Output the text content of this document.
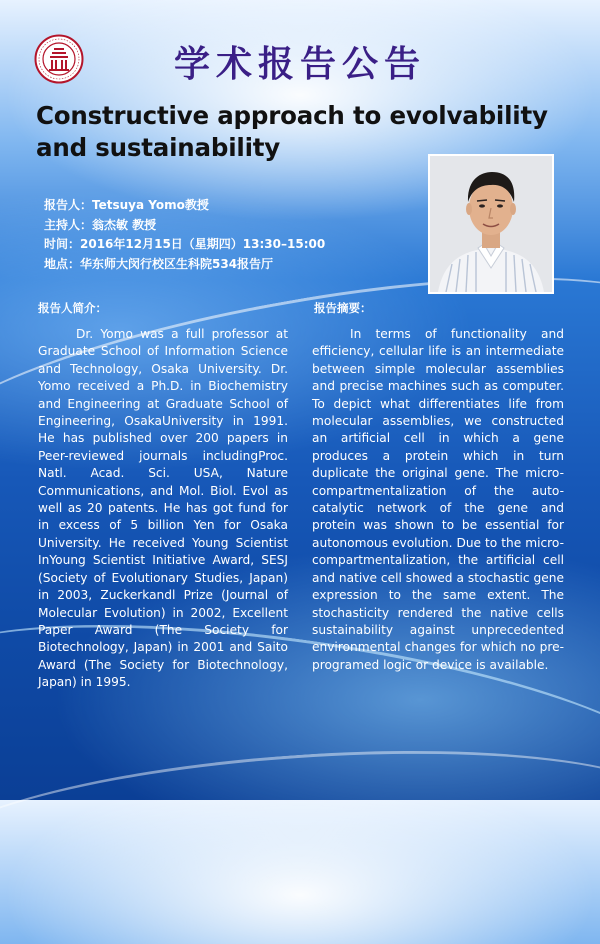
学术报告公告
Constructive approach to evolvability and sustainability
报告人：Tetsuya Yomo教授
主持人：翁杰敏 教授
时间：2016年12月15日（星期四）13:30–15:00
地点：华东师大闵行校区生科院534报告厅
报告人简介：	报告摘要：

Dr. Yomo was a full professor at Graduate School of Information Science and Technology, Osaka University. Dr. Yomo received a Ph.D. in Biochemistry and Engineering at Graduate School of Engineering, OsakaUniversity in 1991. He has published over 200 papers in Peer-reviewed journals includingProc. Natl. Acad. Sci. USA, Nature Communications, and Mol. Biol. Evol as well as 20 patents. He has got fund for in excess of 5 billion Yen for Osaka University. He received Young Scientist InYoung Scientist Initiative Award, SESJ (Society of Evolutionary Studies, Japan) in 2003, Zuckerkandl Prize (Journal of Molecular Evolution) in 2002, Excellent Paper Award (The Society for Biotechnology, Japan) in 2001 and Saito Award (The Society for Biotechnology, Japan) in 1995.

In terms of functionality and efficiency, cellular life is an intermediate between simple molecular assemblies and precise machines such as computer. To depict what differentiates life from molecular assemblies, we constructed an artificial cell in which a gene produces a protein which in turn duplicate the original gene. The micro-compartmentalization of the auto-catalytic network of the gene and protein was shown to be essential for autonomous evolution. Due to the micro-compartmentalization, the artificial cell and native cell showed a stochastic gene expression to the same extent. The stochasticity rendered the native cells sustainability against unprecedented environmental changes for which no pre-programed logic or device is available.
